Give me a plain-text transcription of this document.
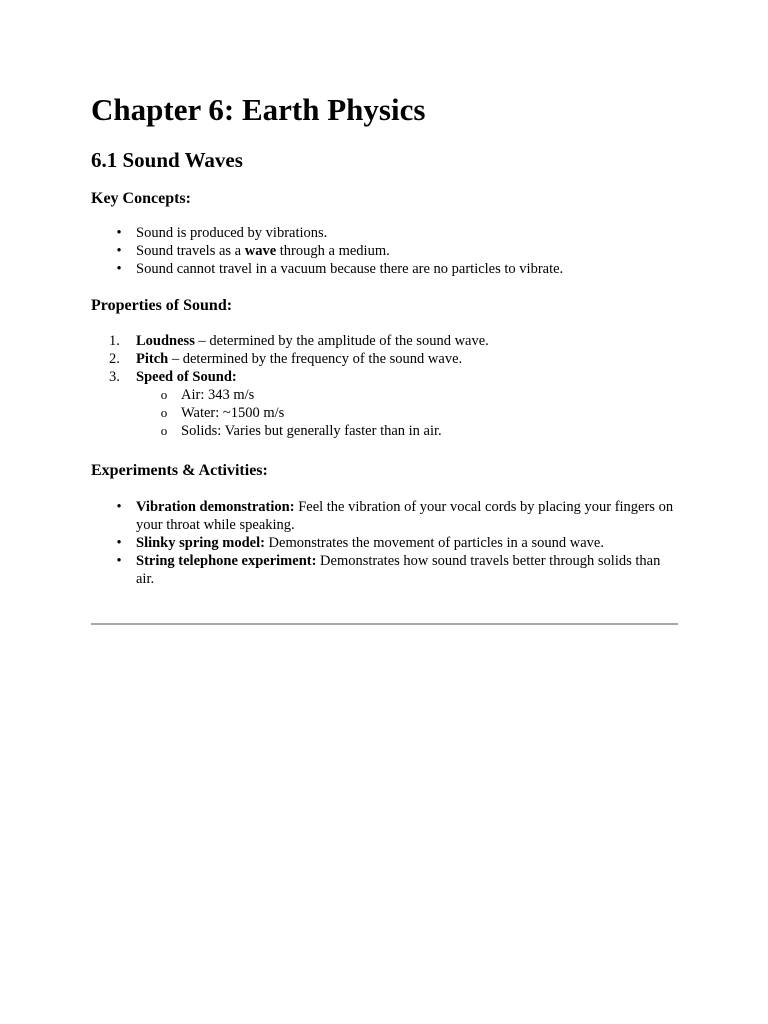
Chapter 6: Earth Physics
6.1 Sound Waves
Key Concepts:
• Sound is produced by vibrations.
• Sound travels as a wave through a medium.
• Sound cannot travel in a vacuum because there are no particles to vibrate.
Properties of Sound:
1.	Loudness – determined by the amplitude of the sound wave.
2.	Pitch – determined by the frequency of the sound wave.
3.	Speed of Sound:
o Air: 343 m/s
o Water: ~1500 m/s
o Solids: Varies but generally faster than in air.
Experiments & Activities:
• Vibration demonstration: Feel the vibration of your vocal cords by placing your fingers on your throat while speaking.
• Slinky spring model: Demonstrates the movement of particles in a sound wave.
• String telephone experiment: Demonstrates how sound travels better through solids than air.
